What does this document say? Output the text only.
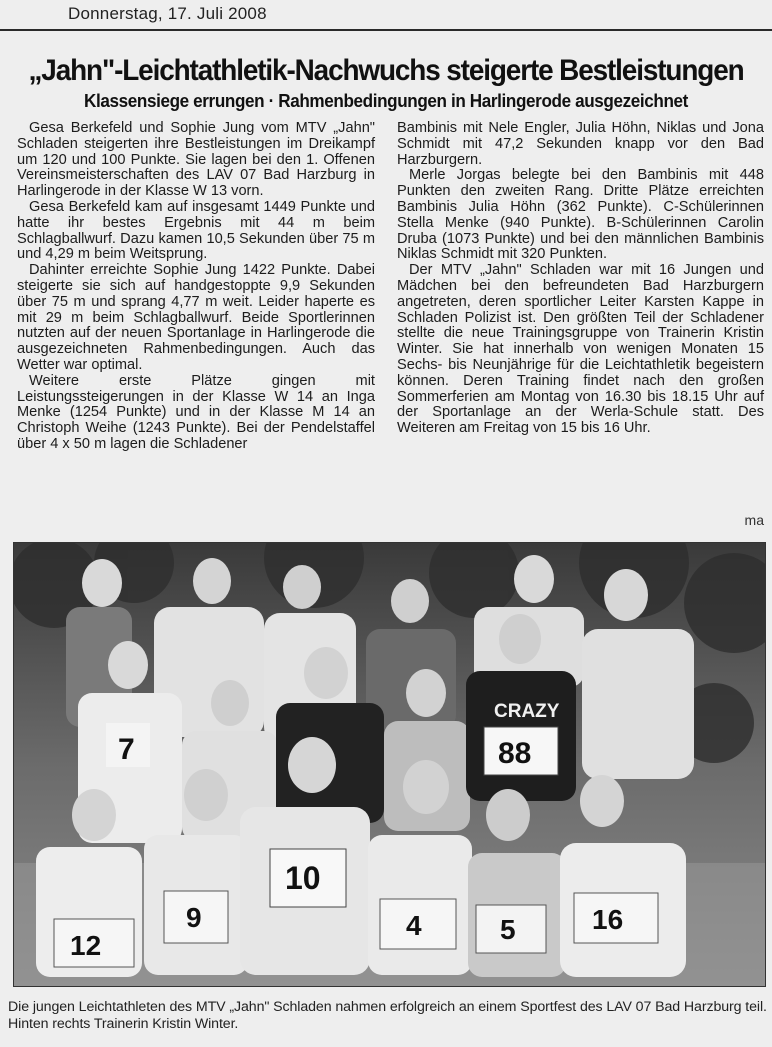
Donnerstag, 17. Juli 2008
„Jahn"-Leichtathletik-Nachwuchs steigerte Bestleistungen
Klassensiege errungen · Rahmenbedingungen in Harlingerode ausgezeichnet

Gesa Berkefeld und Sophie Jung vom MTV „Jahn" Schladen steigerten ihre Bestleistungen im Dreikampf um 120 und 100 Punkte. Sie lagen bei den 1. Offenen Vereinsmeisterschaften des LAV 07 Bad Harzburg in Harlingerode in der Klasse W 13 vorn.

Gesa Berkefeld kam auf insgesamt 1449 Punkte und hatte ihr bestes Ergebnis mit 44 m beim Schlagballwurf. Dazu kamen 10,5 Sekunden über 75 m und 4,29 m beim Weitsprung.

Dahinter erreichte Sophie Jung 1422 Punkte. Dabei steigerte sie sich auf handgestoppte 9,9 Sekunden über 75 m und sprang 4,77 m weit. Leider haperte es mit 29 m beim Schlagballwurf. Beide Sportlerinnen nutzten auf der neuen Sportanlage in Harlingerode die ausgezeichneten Rahmenbedingungen. Auch das Wetter war optimal.

Weitere erste Plätze gingen mit Leistungssteigerungen in der Klasse W 14 an Inga Menke (1254 Punkte) und in der Klasse M 14 an Christoph Weihe (1243 Punkte). Bei der Pendelstaffel über 4 x 50 m lagen die Schladener

Bambinis mit Nele Engler, Julia Höhn, Niklas und Jona Schmidt mit 47,2 Sekunden knapp vor den Bad Harzburgern.

Merle Jorgas belegte bei den Bambinis mit 448 Punkten den zweiten Rang. Dritte Plätze erreichten Bambinis Julia Höhn (362 Punkte). C-Schülerinnen Stella Menke (940 Punkte). B-Schülerinnen Carolin Druba (1073 Punkte) und bei den männlichen Bambinis Niklas Schmidt mit 320 Punkten.

Der MTV „Jahn" Schladen war mit 16 Jungen und Mädchen bei den befreundeten Bad Harzburgern angetreten, deren sportlicher Leiter Karsten Kappe in Schladen Polizist ist. Den größten Teil der Schladener stellte die neue Trainingsgruppe von Trainerin Kristin Winter. Sie hat innerhalb von wenigen Monaten 15 Sechs- bis Neunjährige für die Leichtathletik begeistern können. Deren Training findet nach den großen Sommerferien am Montag von 16.30 bis 18.15 Uhr auf der Sportanlage an der Werla-Schule statt. Des Weiteren am Freitag von 15 bis 16 Uhr.

ma
CRAZY
7	88
10
9	4	5	16
12
Die jungen Leichtathleten des MTV „Jahn" Schladen nahmen erfolgreich an einem Sportfest des LAV 07 Bad Harzburg teil. Hinten rechts Trainerin Kristin Winter.
